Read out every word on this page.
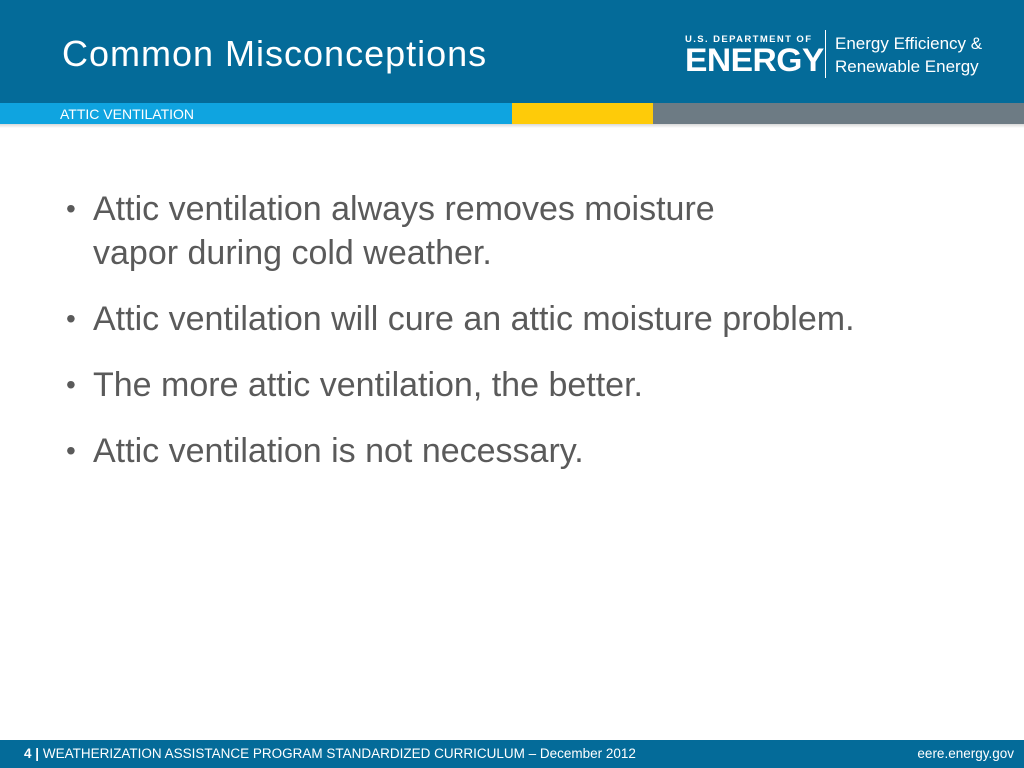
Common Misconceptions	U.S. DEPARTMENT OF
ENERGY Energy Efficiency &
Renewable Energy
ATTIC VENTILATION
• Attic ventilation always removes moisture
vapor during cold weather.
• Attic ventilation will cure an attic moisture problem.
• The more attic ventilation, the better.
• Attic ventilation is not necessary.
4 | WEATHERIZATION ASSISTANCE PROGRAM STANDARDIZED CURRICULUM – December 2012	eere.energy.gov
